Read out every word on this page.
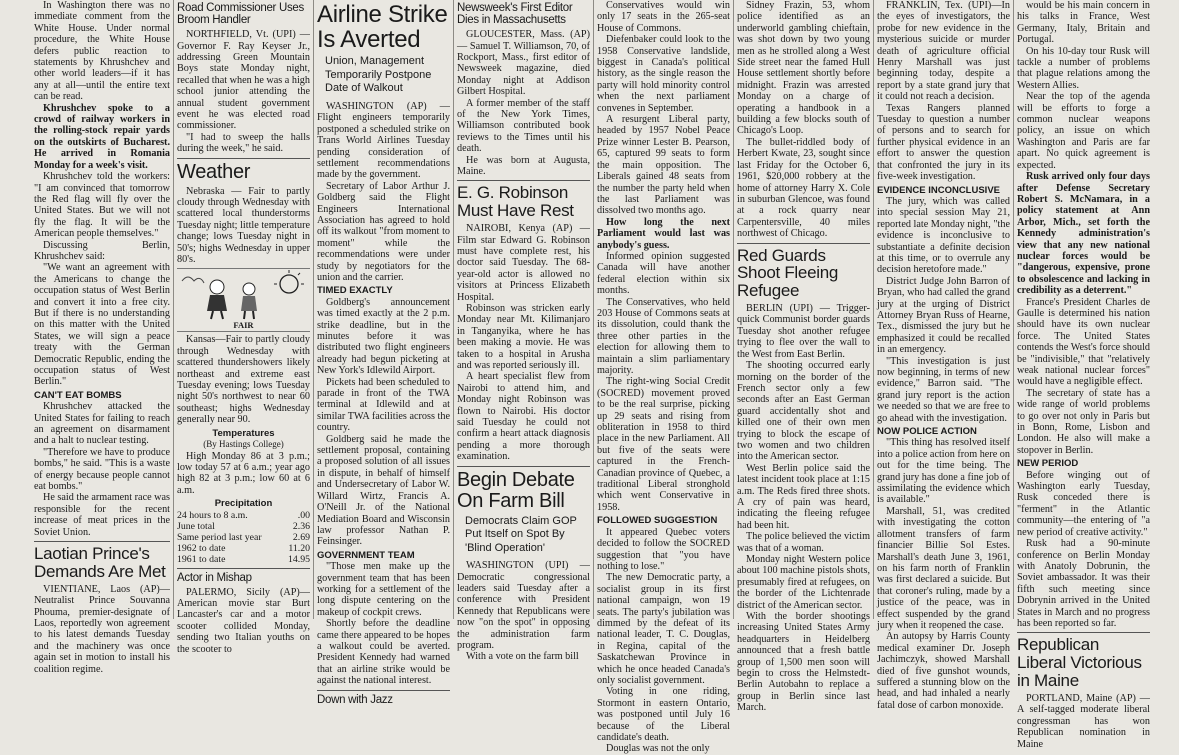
In Washington there was no immediate comment from the White House. Under normal procedure, the White House defers public reaction to statements by Khrushchev and other world leaders—if it has any at all—until the entire text can be read.

Khrushchev spoke to a crowd of railway workers in the rolling-stock repair yards on the outskirts of Bucharest. He arrived in Romania Monday for a week's visit.

Khrushchev told the workers: "I am convinced that tomorrow the Red flag will fly over the United States. But we will not fly the flag. It will be the American people themselves."

Discussing Berlin, Khrushchev said:

"We want an agreement with the Americans to change the occupation status of West Berlin and convert it into a free city. But if there is no understanding on this matter with the United States, we will sign a peace treaty with the German Democratic Republic, ending the occupation status of West Berlin."

CAN'T EAT BOMBS

Khrushchev attacked the United States for failing to reach an agreement on disarmament and a halt to nuclear testing.

"Therefore we have to produce bombs," he said. "This is a waste of energy because people cannot eat bombs."

He said the armament race was responsible for the recent increase of meat prices in the Soviet Union.

Laotian Prince's Demands Are Met

VIENTIANE, Laos (AP)—Neutralist Prince Souvanna Phouma, premier-designate of Laos, reportedly won agreement to his latest demands Tuesday and the machinery was once again set in motion to install his coalition regime.

Road Commissioner Uses Broom Handler

NORTHFIELD, Vt. (UPI) — Governor F. Ray Keyser Jr., addressing Green Mountain Boys state Monday night, recalled that when he was a high school junior attending the annual student government event he was elected road commissioner.

"I had to sweep the halls during the week," he said.

Weather

Nebraska — Fair to partly cloudy through Wednesday with scattered local thunderstorms Tuesday night; little temperature change; lows Tuesday night in 50's; highs Wednesday in upper 80's.

FAIR

Kansas—Fair to partly cloudy through Wednesday with scattered thundershowers likely northeast and extreme east Tuesday evening; lows Tuesday night 50's northwest to near 60 southeast; highs Wednesday generally near 90.

Temperatures
(By Hastings College)

High Monday 86 at 3 p.m.; low today 57 at 6 a.m.; year ago high 82 at 3 p.m.; low 60 at 6 a.m.

Precipitation
24 hours to 8 a.m.	.00
June total	2.36
Same period last year	2.69
1962 to date	11.20
1961 to date	14.95
Actor in Mishap

PALERMO, Sicily (AP)—American movie star Burt Lancaster's car and a motor scooter collided Monday, sending two Italian youths on the scooter to

Airline Strike Is Averted
Union, Management Temporarily Postpone Date of Walkout

WASHINGTON (AP) — Flight engineers temporarily postponed a scheduled strike on Trans World Airlines Tuesday pending consideration of settlement recommendations made by the government.

Secretary of Labor Arthur J. Goldberg said the Flight Engineers International Association has agreed to hold off its walkout "from moment to moment" while the recommendations were under study by negotiators for the union and the carrier.

TIMED EXACTLY

Goldberg's announcement was timed exactly at the 2 p.m. strike deadline, but in the minutes before it was distributed two flight engineers already had begun picketing at New York's Idlewild Airport.

Pickets had been scheduled to parade in front of the TWA terminal at Idlewild and at similar TWA facilities across the country.

Goldberg said he made the settlement proposal, containing a proposed solution of all issues in dispute, in behalf of himself and Undersecretary of Labor W. Willard Wirtz, Francis A. O'Neill Jr. of the National Mediation Board and Wisconsin law professor Nathan P. Feinsinger.

GOVERNMENT TEAM

"Those men make up the government team that has been working for a settlement of the long dispute centering on the makeup of cockpit crews.

Shortly before the deadline came there appeared to be hopes a walkout could be averted. President Kennedy had warned that an airline strike would be against the national interest.

Down with Jazz
Newsweek's First Editor Dies in Massachusetts

GLOUCESTER, Mass. (AP) — Samuel T. Williamson, 70, of Rockport, Mass., first editor of Newsweek magazine, died Monday night at Addison Gilbert Hospital.

A former member of the staff of the New York Times, Williamson contributed book reviews to the Times until his death.

He was born at Augusta, Maine.

E. G. Robinson Must Have Rest

NAIROBI, Kenya (AP) — Film star Edward G. Robinson must have complete rest, his doctor said Tuesday. The 68-year-old actor is allowed no visitors at Princess Elizabeth Hospital.

Robinson was stricken early Monday near Mt. Kilimanjaro in Tanganyika, where he has been making a movie. He was taken to a hospital in Arusha and was reported seriously ill.

A heart specialist flew from Nairobi to attend him, and Monday night Robinson was flown to Nairobi. His doctor said Tuesday he could not confirm a heart attack diagnosis pending a more thorough examination.

Begin Debate On Farm Bill
Democrats Claim GOP Put Itself on Spot By 'Blind Operation'

WASHINGTON (UPI) — Democratic congressional leaders said Tuesday after a conference with President Kennedy that Republicans were now "on the spot" in opposing the administration farm program.

With a vote on the farm bill

Conservatives would win only 17 seats in the 265-seat House of Commons.

Diefenbaker could look to the 1958 Conservative landslide, biggest in Canada's political history, as the single reason the party will hold minority control when the next parliament convenes in September.

A resurgent Liberal party, headed by 1957 Nobel Peace Prize winner Lester B. Pearson, 65, captured 99 seats to form the main opposition. The Liberals gained 48 seats from the number the party held when the last Parliament was dissolved two months ago.

How long the next Parliament would last was anybody's guess.

Informed opinion suggested Canada will have another federal election within six months.

The Conservatives, who held 203 House of Commons seats at its dissolution, could thank the three other parties in the election for allowing them to maintain a slim parliamentary majority.

The right-wing Social Credit (SOCRED) movement proved to be the real surprise, picking up 29 seats and rising from obliteration in 1958 to third place in the new Parliament. All but five of the seats were captured in the French-Canadian province of Quebec, a traditional Liberal stronghold which went Conservative in 1958.

FOLLOWED SUGGESTION

It appeared Quebec voters decided to follow the SOCRED suggestion that "you have nothing to lose."

The new Democratic party, a socialist group in its first national campaign, won 19 seats. The party's jubilation was dimmed by the defeat of its national leader, T. C. Douglas, in Regina, capital of the Saskatchewan Province in which he once headed Canada's only socialist government.

Voting in one riding, Stormont in eastern Ontario, was postponed until July 16 because of the Liberal candidate's death.

Douglas was not the only

Sidney Frazin, 53, whom police identified as an underworld gambling chieftain, was shot down by two young men as he strolled along a West Side street near the famed Hull House settlement shortly before midnight. Frazin was arrested Monday on a charge of operating a handbook in a building a few blocks south of Chicago's Loop.

The bullet-riddled body of Herbert Kwate, 23, sought since last Friday for the October 6, 1961, $20,000 robbery at the home of attorney Harry X. Cole in suburban Glencoe, was found at a rock quarry near Carpentersville, 40 miles northwest of Chicago.

Red Guards Shoot Fleeing Refugee

BERLIN (UPI) — Trigger-quick Communist border guards Tuesday shot another refugee trying to flee over the wall to the West from East Berlin.

The shooting occurred early morning on the border of the French sector only a few seconds after an East German guard accidentally shot and killed one of their own men trying to block the escape of two women and two children into the American sector.

West Berlin police said the latest incident took place at 1:15 a.m. The Reds fired three shots. A cry of pain was heard, indicating the fleeing refugee had been hit.

The police believed the victim was that of a woman.

Monday night Western police about 100 machine pistols shots, presumably fired at refugees, on the border of the Lichtenrade district of the American sector.

With the border shootings increasing United States Army headquarters in Heidelberg announced that a fresh battle group of 1,500 men soon will begin to cross the Helmstedt-Berlin Autobahn to replace a group in Berlin since last March.

FRANKLIN, Tex. (UPI)—In the eyes of investigators, the probe for new evidence in the mysterious suicide or murder death of agriculture official Henry Marshall was just beginning today, despite a report by a state grand jury that it could not reach a decision.

Texas Rangers planned Tuesday to question a number of persons and to search for further physical evidence in an effort to answer the question that confronted the jury in its five-week investigation.

EVIDENCE INCONCLUSIVE

The jury, which was called into special session May 21, reported late Monday night, "the evidence is inconclusive to substantiate a definite decision at this time, or to overrule any decision heretofore made."

District Judge John Barron of Bryan, who had called the grand jury at the urging of District Attorney Bryan Russ of Hearne, Tex., dismissed the jury but he emphasized it could be recalled in an emergency.

"This investigation is just now beginning, in terms of new evidence," Barron said. "The grand jury report is the action we needed so that we are free to go ahead with the investigation.

NOW POLICE ACTION

"This thing has resolved itself into a police action from here on out for the time being. The grand jury has done a fine job of assimilating the evidence which is available."

Marshall, 51, was credited with investigating the cotton allotment transfers of farm financier Billie Sol Estes. Marshall's death June 3, 1961, on his farm north of Franklin was first declared a suicide. But that coroner's ruling, made by a justice of the peace, was in effect suspended by the grand jury when it reopened the case.

An autopsy by Harris County medical examiner Dr. Joseph Jachimczyk, showed Marshall died of five gunshot wounds, suffered a stunning blow on the head, and had inhaled a nearly fatal dose of carbon monoxide.

would be his main concern in his talks in France, West Germany, Italy, Britain and Portugal.

On his 10-day tour Rusk will tackle a number of problems that plague relations among the Western Allies.

Near the top of the agenda will be efforts to forge a common nuclear weapons policy, an issue on which Washington and Paris are far apart. No quick agreement is expected.

Rusk arrived only four days after Defense Secretary Robert S. McNamara, in a policy statement at Ann Arbor, Mich., set forth the Kennedy administration's view that any new national nuclear forces would be "dangerous, expensive, prone to obsolescence and lacking in credibility as a deterrent."

France's President Charles de Gaulle is determined his nation should have its own nuclear force. The United States contends the West's force should be "indivisible," that "relatively weak national nuclear forces" would have a negligible effect.

The secretary of state has a wide range of world problems to go over not only in Paris but in Bonn, Rome, Lisbon and London. He also will make a stopover in Berlin.

NEW PERIOD

Before winging out of Washington early Tuesday, Rusk conceded there is "ferment" in the Atlantic community—the entering of "a new period of creative activity."

Rusk had a 90-minute conference on Berlin Monday with Anatoly Dobrunin, the Soviet ambassador. It was their fifth such meeting since Dobrynin arrived in the United States in March and no progress has been reported so far.

Republican Liberal Victorious in Maine

PORTLAND, Maine (AP) — A self-tagged moderate liberal congressman has won Republican nomination in Maine
